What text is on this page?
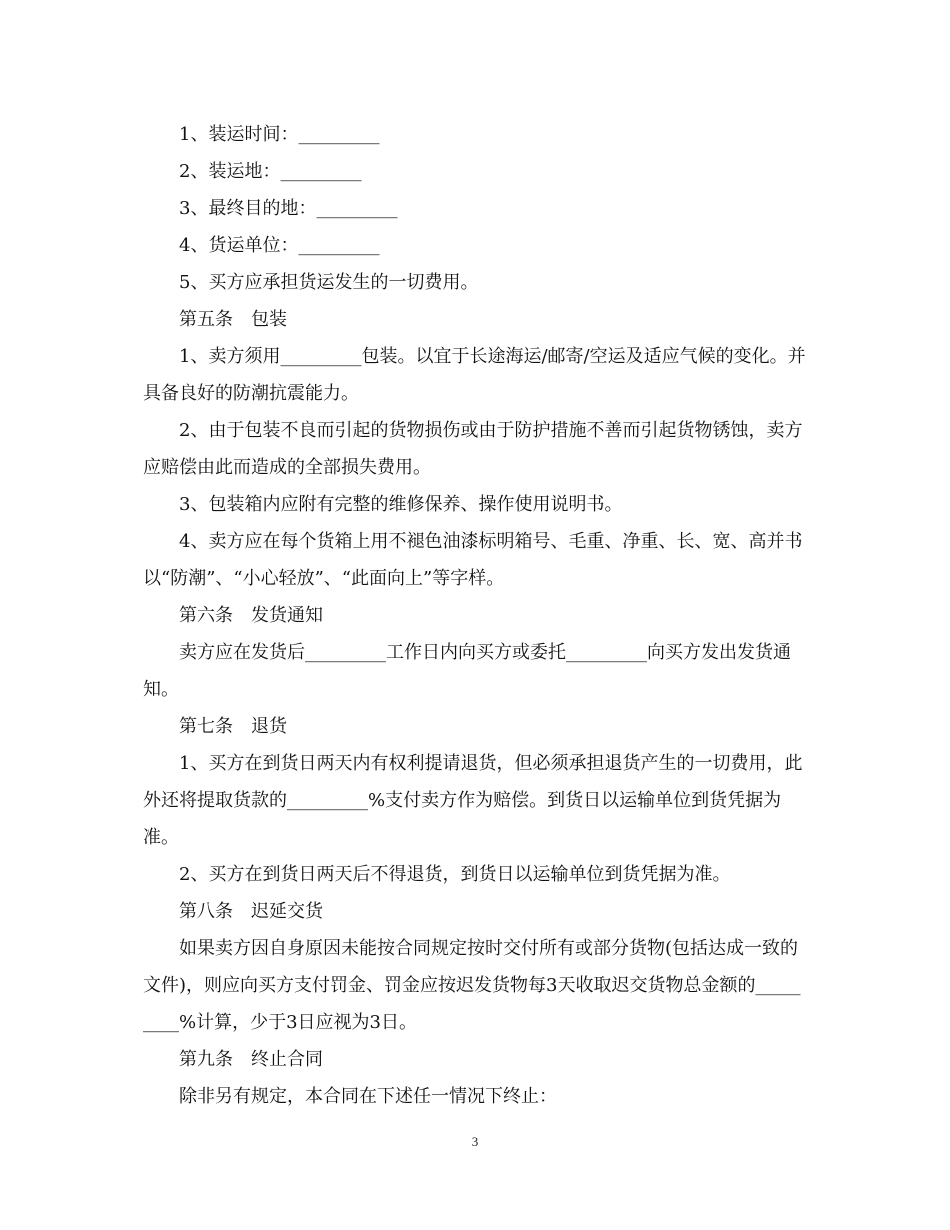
1、装运时间：_________

2、装运地：_________

3、最终目的地：_________

4、货运单位：_________

5、买方应承担货运发生的一切费用。

第五条　包装

1、卖方须用_________包装。以宜于长途海运/邮寄/空运及适应气候的变化。并具备良好的防潮抗震能力。

2、由于包装不良而引起的货物损伤或由于防护措施不善而引起货物锈蚀，卖方应赔偿由此而造成的全部损失费用。

3、包装箱内应附有完整的维修保养、操作使用说明书。

4、卖方应在每个货箱上用不褪色油漆标明箱号、毛重、净重、长、宽、高并书以“防潮”、“小心轻放”、“此面向上”等字样。

第六条　发货通知

卖方应在发货后_________工作日内向买方或委托_________向买方发出发货通知。

第七条　退货

1、买方在到货日两天内有权利提请退货，但必须承担退货产生的一切费用，此外还将提取货款的_________%支付卖方作为赔偿。到货日以运输单位到货凭据为准。

2、买方在到货日两天后不得退货，到货日以运输单位到货凭据为准。

第八条　迟延交货

如果卖方因自身原因未能按合同规定按时交付所有或部分货物(包括达成一致的文件)，则应向买方支付罚金、罚金应按迟发货物每3天收取迟交货物总金额的_________%计算，少于3日应视为3日。

第九条　终止合同

除非另有规定，本合同在下述任一情况下终止：

3
